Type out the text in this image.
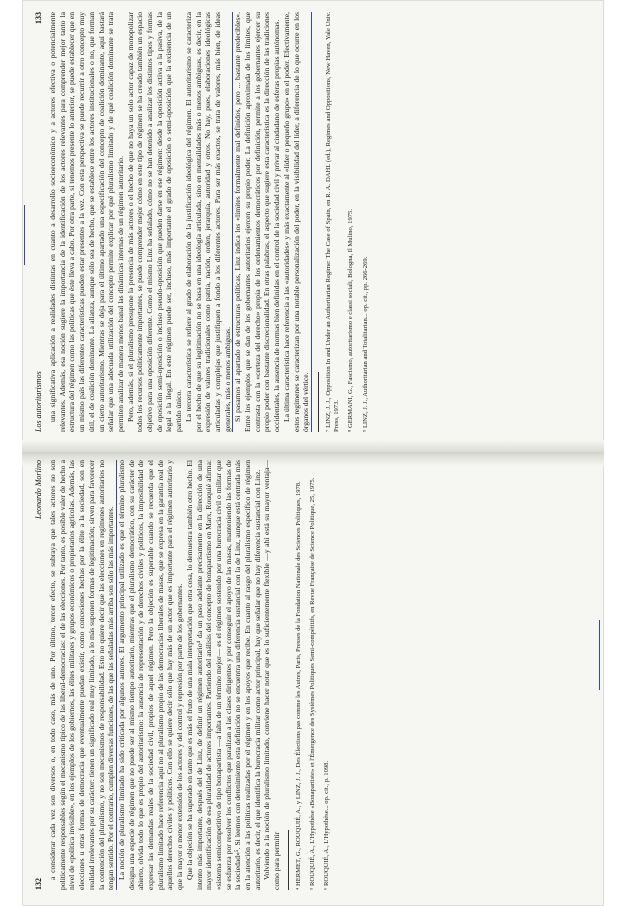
132
Leonardo Morlino a considerar cada vez son diversos o, en todo caso, más de uno. Por último, tercer efecto, se subraya que tales actores no son políticamente responsables según el mecanismo típico de las liberal-democracias: el de las elecciones. Por tanto, es posible valer de hecho a nivel de «política invisible», en los ejemplos de los gobiernos, las élites militares y grupos económicos o propietarios agrícolas. Además, las elecciones u otras formas de democracia que eventualmente puedan existir, como concesiones hechas por la élite a la sociedad, son en realidad irrelevantes por su carácter: tienen un significado real muy limitado, a lo más suponen formas de legitimación; sirven para favorecer la contención del pluralismo, y no son mecanismos de responsabilidad. Esto no quiere decir que las elecciones en regímenes autoritarios no tengan sentido. Por el contrario, cumplen diversas funciones, de las que las señaladas más arriba son sólo las más importantes. La noción de pluralismo limitado ha sido criticada por algunos autores. El argumento principal utilizado es que el término pluralismo designa una especie de régimen que no puede ser al mismo tiempo autoritario, mientras que el pluralismo democrático, con su carácter de abierto, olvida todo lo que es propio del autoritarismo: la ausencia de representación y de derechos civiles y políticos, la imposibilidad de expresar las demandas reales de la sociedad civil, propios de aquel régimen. Pero la objeción es superable cuando se recuerda que el pluralismo limitado hace referencia aquí no al pluralismo propio de las democracias liberales de masas, que se expresa en la garantía real de aquellos derechos civiles y políticos. Con ello se quiere decir sólo que hay más de un actor que es importante para el régimen autoritario y que la mayor o menor extensión de los actores y del control y represión por parte de los gobernantes. Que la objeción se ha superado en tanto que es más el fruto de una mala interpretación que otra cosa, lo demuestra también otro hecho. El intento más importante, después del de Linz, de definir un régimen autoritario⁴ da un paso adelante precisamente en la dirección de una mayor identificación de esa pluralidad de actores importantes. Partiendo del análisis del concepto de bonapartismo en Marx, Rouquié afirma: «sistema semicompetitivo de tipo bonapartista —a falta de un término mejor— es el régimen sostenido por una burocracia civil o militar que se esfuerza por resolver los conflictos que paralizan a las clases dirigentes y por conseguir el apoyo de las masas, manteniendo las formas de la sociedad»⁵. Si leemos con detenimiento esta definición no se encuentra una diferencia sustancial con la de Linz, aunque está centrada más en la atención a las políticas realizadas por el régimen y en los apoyos que recibe. En cuanto al rasgo del pluralismo específico de régimen autoritario, es decir, el que identifica la burocracia militar como actor principal, hay que señalar que no hay diferencia sustancial con Linz. Volviendo a la noción de pluralismo limitado, conviene hacer notar que es lo suficientemente flexible —y ahí está su mayor ventaja— como para permitir ⁴ HERMET, G., ROUQUIÉ, A., y LINZ, J. J., Des Élections pas comme les Autres, Paris, Presses de la Fondation Nationale des Sciences Politiques, 1978. ⁵ ROUQUIÉ, A., L'Hypothèse «Bonapartiste» et l'Émergence des Systèmes Politiques Semi-compétitifs, en Revue Française de Science Politique, 25, 1975. ⁶ ROUQUIÉ, A., L'Hypothèse... op. cit., p. 1098.

Los autoritarismos
133 una significativa aplicación a realidades distintas en cuanto a desarrollo socioeconómico y a actores efectiva o potencialmente relevantes. Además, esa noción sugiere la importancia de la identificación de los actores relevantes para comprender mejor tanto la estructura del régimen como las políticas que éste lleva a cabo. Por otra parte, si tenemos presente lo anterior, se puede establecer que en un mismo país las diferentes características pueden estar presentes a la vez. Con esta perspectiva se puede recurrir a otro concepto muy útil, el de coalición dominante. La alianza, aunque sólo sea de hecho, que se establece entre los actores institucionales o no, que forman un cierto autoritarismo. Mientras se deja para el último apartado una especificación del concepto de coalición dominante, aquí bastará señalar que una adecuada utilización del concepto permite explicar por qué pluralismo limitado y de qué coalición dominante se trata permiten analizar de manera menos banal las dinámicas internas de un régimen autoritario. Pero, además, si el pluralismo presupone la presencia de más actores o el hecho de que no haya un solo actor capaz de monopolizar todos los recursos políticamente importantes, se puede comprender mejor cómo en este tipo de régimen se ha creado también un espacio objetivo para una oposición diferente. Como el mismo Linz ha señalado, cómo no se han detenido a analizar los distintos tipos y formas de oposición semi-oposición o incluso pseudo-oposición que pueden darse en ese régimen: desde la oposición activa a la pasiva, de la legal a la ilegal. En este régimen puede ser, incluso, más importante el grado de oposición o semi-oposición que la existencia de un partido único. La tercera característica se refiere al grado de elaboración de la justificación ideológica del régimen. El autoritarismo se caracteriza por el hecho de que su legitimación no se basa en una ideología articulada, sino en mentalidades más o menos ambiguas, es decir, en la expresión de valores tradicionales como patria, nación, orden, jerarquía, autoridad y otros. No hay, pues, elaboraciones ideológicas articuladas y complejas que justifiquen a fondo a los diferentes actores. Para ser más exactos, se trata de valores, más bien, de ideas generales, más o menos ambiguas. Si pasamos al apartado de estructuras políticas, Linz indica los «límites formalmente mal definidos, pero ... bastante predecibles». Entre los ejemplos que se dan de los gobernantes autoritarios ejercen su propio poder. La definición aproximada de los límites, que contrasta con la «certeza del derecho» propia de los ordenamientos democráticos por definición, permite a los gobernantes ejercer su propio poder con bastante discrecionalidad. En otras palabras, el aspecto que sugiere esta característica es la dirección de las tradiciones occidentales, la ausencia de normas bien definidas en el control de la sociedad civil y privar al ciudadano de esferas propias autónomas. La última característica hace referencia a las «autoridades» y más exactamente al «líder o pequeño grupo» en el poder. Efectivamente, estos regímenes se caracterizan por una notable personalización del poder, en la visibilidad del líder, a diferencia de lo que ocurre en los órganos del vértice. ⁷ LINZ, J. J., Opposition In and Under an Authoritarian Regime: The Case of Spain, en R. A. DAHL (ed.), Regimes and Oppositions, New Haven, Yale Univ. Press, 1973. ⁸ GERMANI, G., Fascismo, autoritarismo e classi sociali, Bologna, Il Mulino, 1975. ⁹ LINZ, J. J., Authoritarian and Totalitarian... op. cit., pp. 266-269.
